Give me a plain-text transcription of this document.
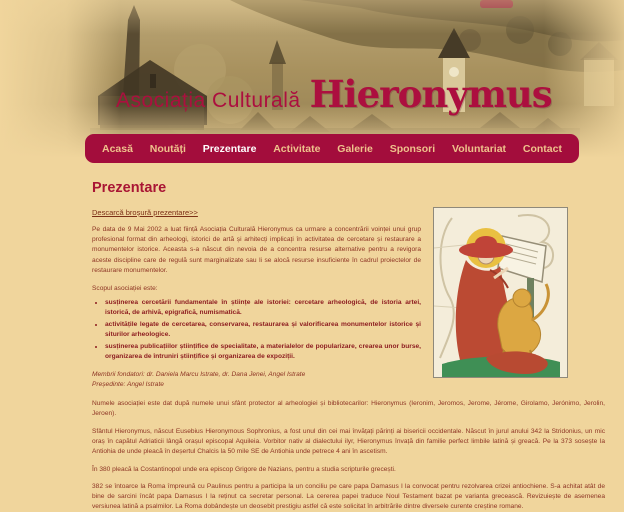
Asociația Culturală Hieronymus
Acasă Noutăți Prezentare Activitate Galerie Sponsori Voluntariat Contact
Prezentare
Descarcă broșură prezentare>>

Pe data de 9 Mai 2002 a luat ființă Asociația Culturală Hieronymus ca urmare a concentrării voinței unui grup profesional format din arheologi, istorici de artă și arhitecți implicați în activitatea de cercetare și restaurare a monumentelor istorice. Aceasta s-a născut din nevoia de a concentra resurse alternative pentru a revigora aceste discipline care de regulă sunt marginalizate sau li se alocă resurse insuficiente în cadrul proiectelor de restaurare monumentelor.

Scopul asociației este:

• susținerea cercetării fundamentale în științe ale istoriei: cercetare arheologică, de istoria artei, istorică, de arhivă, epigrafică, numismatică.
• activitățile legate de cercetarea, conservarea, restaurarea și valorificarea monumentelor istorice și siturilor arheologice.
• susținerea publicațiilor științifice de specialitate, a materialelor de popularizare, crearea unor burse, organizarea de întruniri științifice și organizarea de expoziții.

Membrii fondatori: dr. Daniela Marcu Istrate, dr. Dana Jenei, Angel Istrate

Președinte: Angel Istrate

Numele asociației este dat după numele unui sfânt protector al arheologiei și bibliotecarilor: Hieronymus (Ieronim, Jeromos, Jerome, Jérome, Girolamo, Jerónimo, Jerolin, Jeroen).

Sfântul Hieronymus, născut Eusebius Hieronymous Sophronius, a fost unul din cei mai învățați părinți ai bisericii occidentale. Născut în jurul anului 342 la Stridonius, un mic oraș în capătul Adriaticii lângă orașul episcopal Aquileia. Vorbitor nativ al dialectului ilyr, Hieronymus învață din familie perfect limbile latină și greacă. Pe la 373 sosește la Antiohia de unde pleacă în deșertul Chalcis la 50 mile SE de Antiohia unde petrece 4 ani în ascetism.

În 380 pleacă la Costantinopol unde era episcop Grigore de Nazians, pentru a studia scripturile grecești.

382 se întoarce la Roma împreună cu Paulinus pentru a participa la un conciliu pe care papa Damasus I la convocat pentru rezolvarea crizei antiochiene. S-a achitat atât de bine de sarcini încât papa Damasus I la reținut ca secretar personal. La cererea papei traduce Noul Testament bazat pe varianta grecească. Revizuiește de asemenea versiunea latină a psalmilor. La Roma dobândește un deosebit prestigiu astfel că este solicitat în arbitrările dintre diversele curente creștine romane.
